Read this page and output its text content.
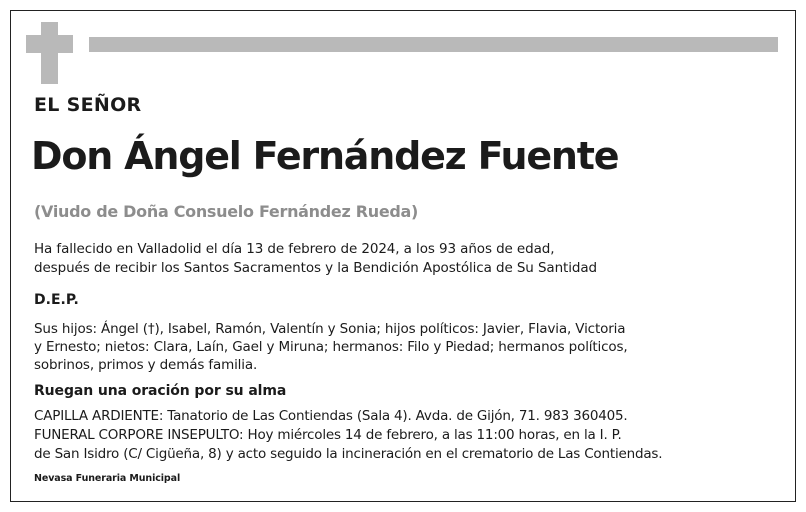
EL SEÑOR
Don Ángel Fernández Fuente
(Viudo de Doña Consuelo Fernández Rueda)
Ha fallecido en Valladolid el día 13 de febrero de 2024, a los 93 años de edad,
después de recibir los Santos Sacramentos y la Bendición Apostólica de Su Santidad
D.E.P.
Sus hijos: Ángel (†), Isabel, Ramón, Valentín y Sonia; hijos políticos: Javier, Flavia, Victoria
y Ernesto; nietos: Clara, Laín, Gael y Miruna; hermanos: Filo y Piedad; hermanos políticos,
sobrinos, primos y demás familia.
Ruegan una oración por su alma
CAPILLA ARDIENTE: Tanatorio de Las Contiendas (Sala 4). Avda. de Gijón, 71. 983 360405.
FUNERAL CORPORE INSEPULTO: Hoy miércoles 14 de febrero, a las 11:00 horas, en la I. P.
de San Isidro (C/ Cigüeña, 8) y acto seguido la incineración en el crematorio de Las Contiendas.
Nevasa Funeraria Municipal
